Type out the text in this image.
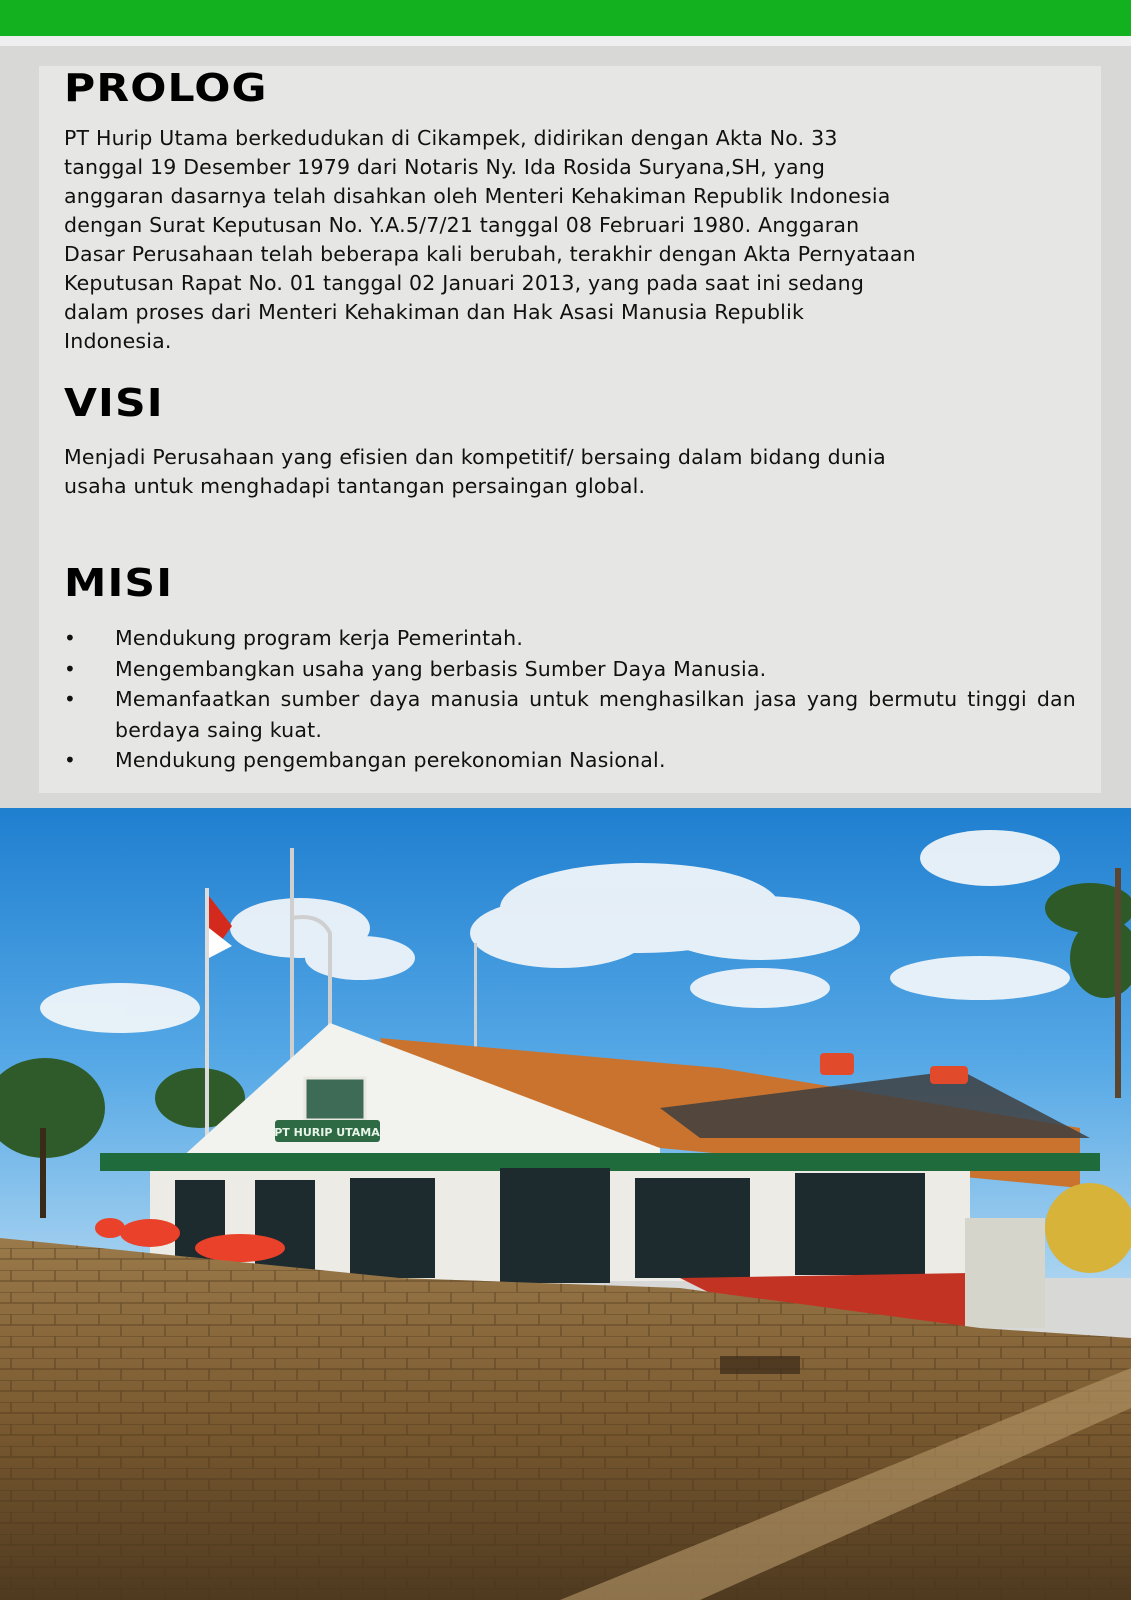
PROLOG
PT Hurip Utama berkedudukan di Cikampek, didirikan dengan Akta No. 33
tanggal 19 Desember 1979 dari Notaris Ny. Ida Rosida Suryana,SH, yang
anggaran dasarnya telah disahkan oleh Menteri Kehakiman Republik Indonesia
dengan Surat Keputusan No. Y.A.5/7/21 tanggal 08 Februari 1980. Anggaran
Dasar Perusahaan telah beberapa kali berubah, terakhir dengan Akta Pernyataan
Keputusan Rapat No. 01 tanggal 02 Januari 2013, yang pada saat ini sedang
dalam proses dari Menteri Kehakiman dan Hak Asasi Manusia Republik
Indonesia.
VISI
Menjadi Perusahaan yang efisien dan kompetitif/ bersaing dalam bidang dunia
usaha untuk menghadapi tantangan persaingan global.
MISI
• Mendukung program kerja Pemerintah.
• Mengembangkan usaha yang berbasis Sumber Daya Manusia.
• Memanfaatkan sumber daya manusia untuk menghasilkan jasa yang bermutu tinggi dan berdaya saing kuat.
• Mendukung pengembangan perekonomian Nasional.
PT HURIP UTAMA
